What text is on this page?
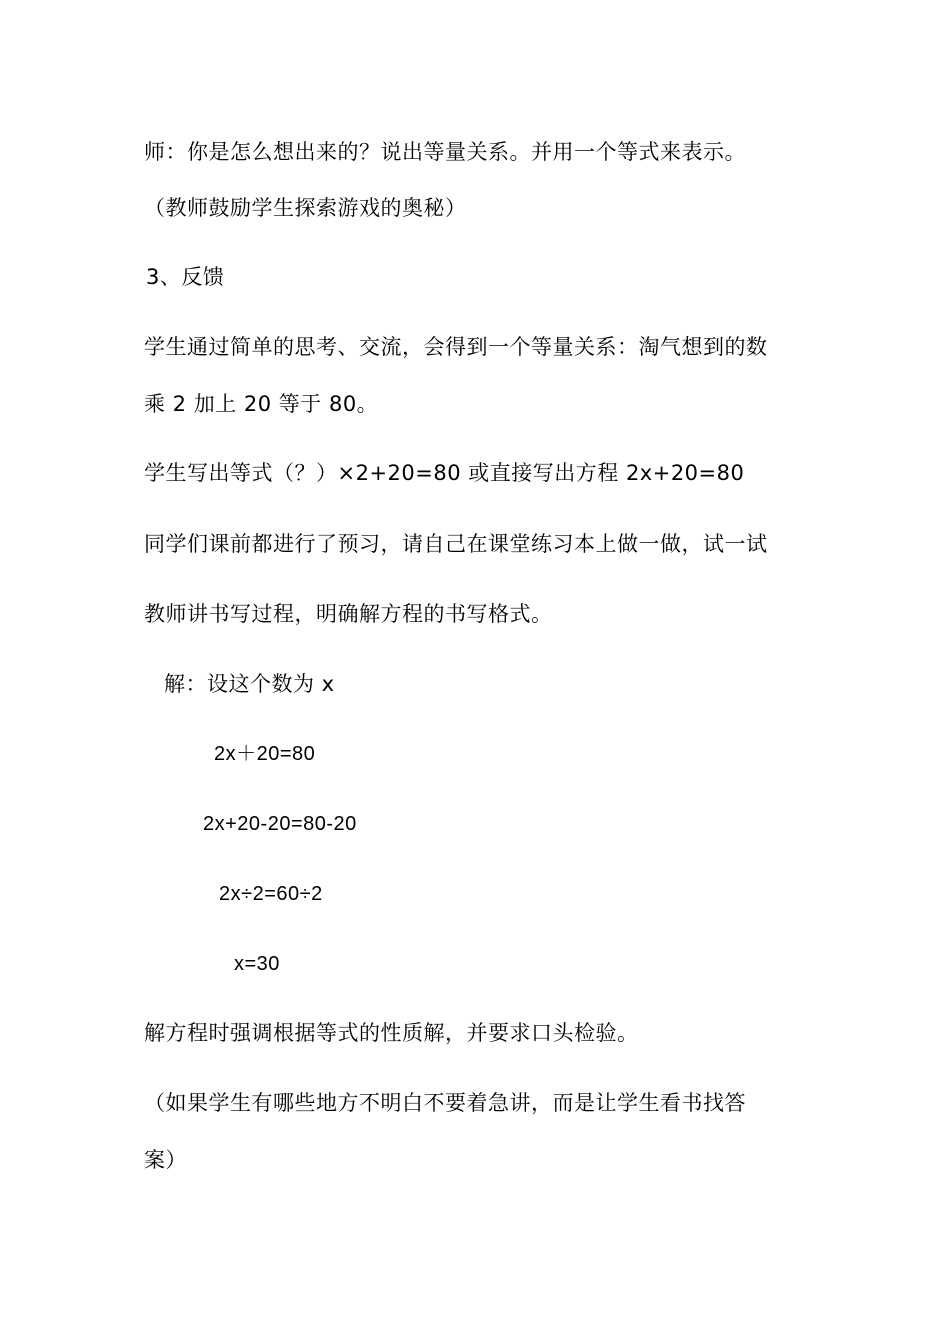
师：你是怎么想出来的？说出等量关系。并用一个等式来表示。
（教师鼓励学生探索游戏的奥秘）
3、反馈
学生通过简单的思考、交流，会得到一个等量关系：淘气想到的数
乘 2 加上 20 等于 80。
学生写出等式（？）×2+20=80 或直接写出方程 2x+20=80
同学们课前都进行了预习，请自己在课堂练习本上做一做，试一试
教师讲书写过程，明确解方程的书写格式。
解：设这个数为 x
2x＋20=80
2x+20-20=80-20
2x÷2=60÷2
x=30
解方程时强调根据等式的性质解，并要求口头检验。
（如果学生有哪些地方不明白不要着急讲，而是让学生看书找答
案）
